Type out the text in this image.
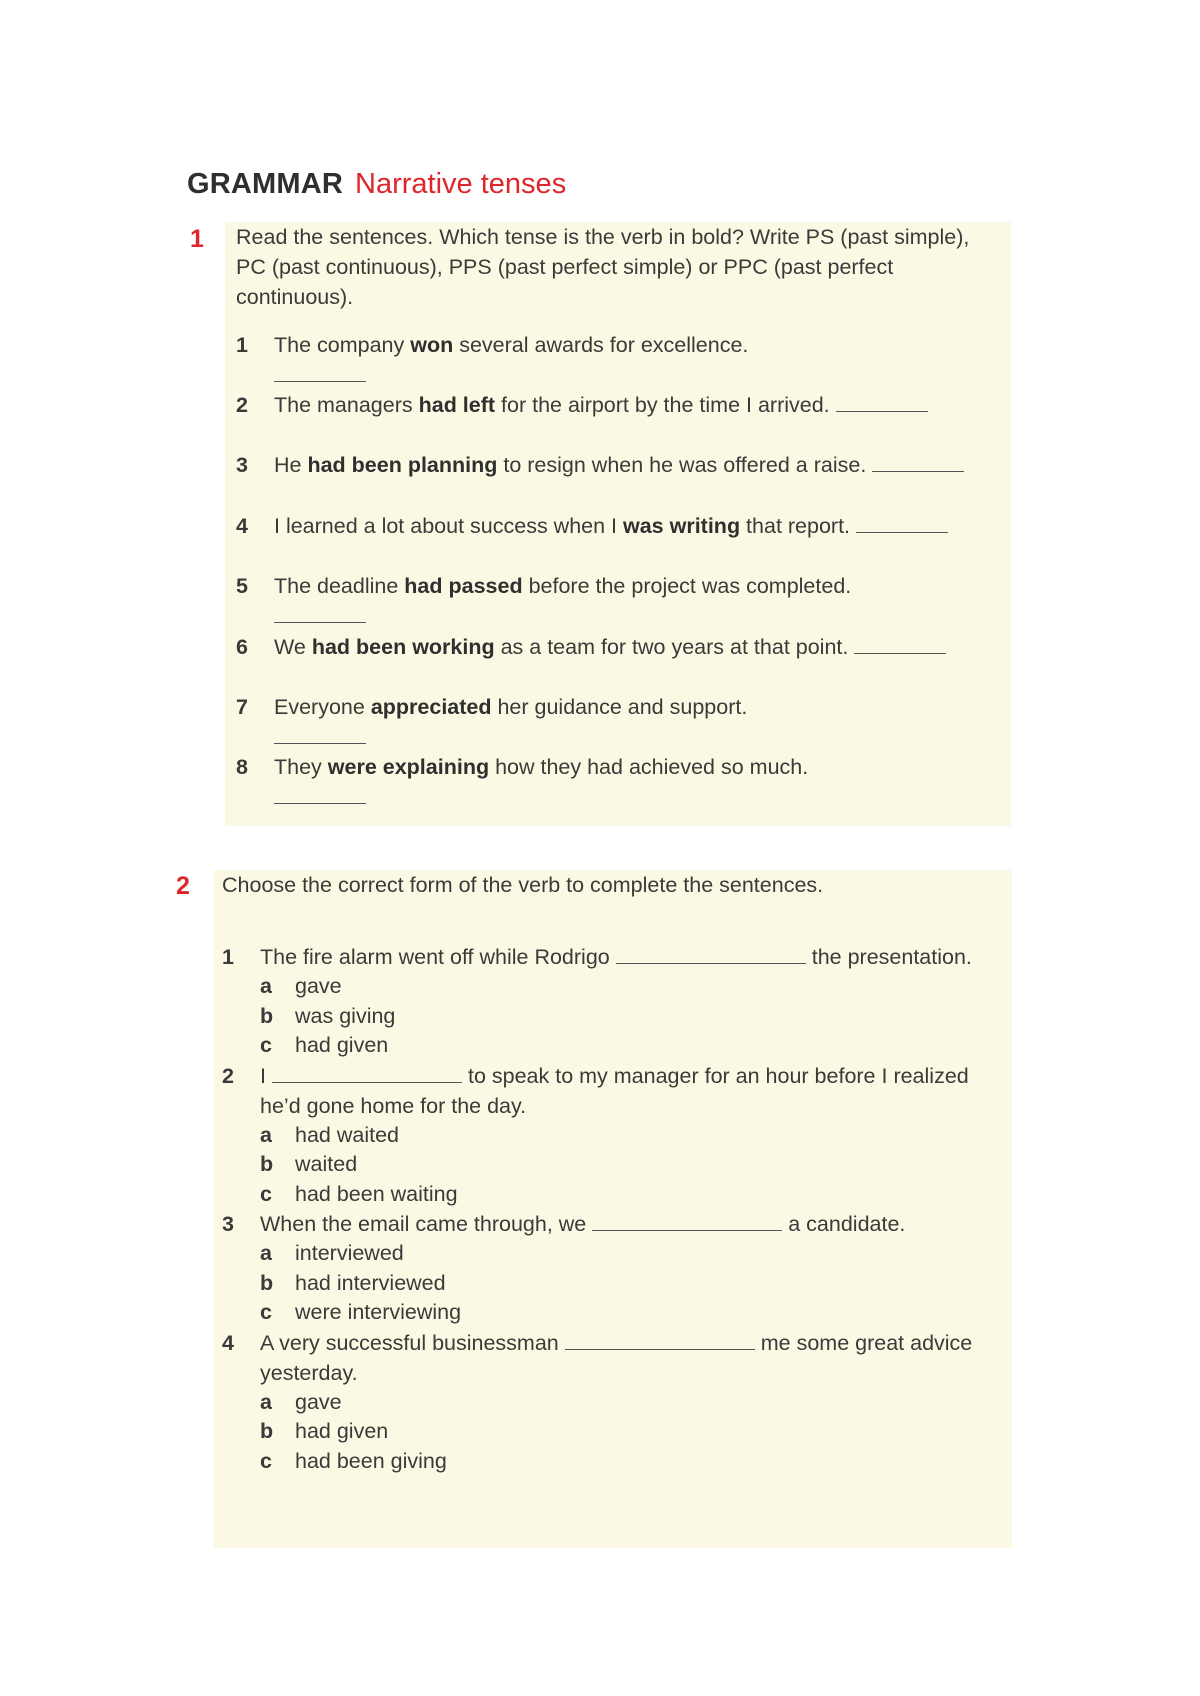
GRAMMAR Narrative tenses
1 Read the sentences. Which tense is the verb in bold? Write PS (past simple), PC (past continuous), PPS (past perfect simple) or PPC (past perfect continuous).
1 The company won several awards for excellence.
2 The managers had left for the airport by the time I arrived.
3 He had been planning to resign when he was offered a raise.
4 I learned a lot about success when I was writing that report.
5 The deadline had passed before the project was completed.
6 We had been working as a team for two years at that point.
7 Everyone appreciated her guidance and support.
8 They were explaining how they had achieved so much.
2 Choose the correct form of the verb to complete the sentences.
1 The fire alarm went off while Rodrigo	the presentation.
a gave
b was giving
c had given
2 I	to speak to my manager for an hour before I realized he’d gone home for the day.
a had waited
b waited
c had been waiting
3 When the email came through, we	a candidate.
a interviewed
b had interviewed
c were interviewing
4 A very successful businessman	me some great advice yesterday.
a gave
b had given
c had been giving
